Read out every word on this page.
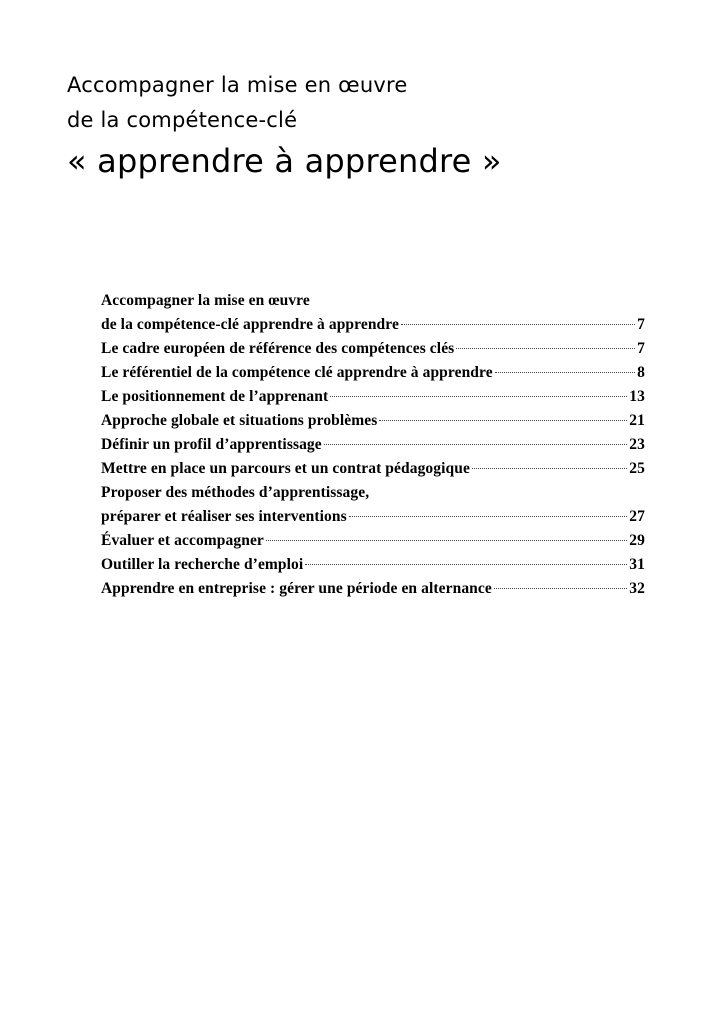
Accompagner la mise en œuvre
de la compétence-clé
« apprendre à apprendre »
Accompagner la mise en œuvre
de la compétence-clé apprendre à apprendre	7
Le cadre européen de référence des compétences clés	7
Le référentiel de la compétence clé apprendre à apprendre	8
Le positionnement de l’apprenant	13
Approche globale et situations problèmes	21
Définir un profil d’apprentissage	23
Mettre en place un parcours et un contrat pédagogique	25
Proposer des méthodes d’apprentissage,
préparer et réaliser ses interventions	27
Évaluer et accompagner	29
Outiller la recherche d’emploi	31
Apprendre en entreprise : gérer une période en alternance	32
